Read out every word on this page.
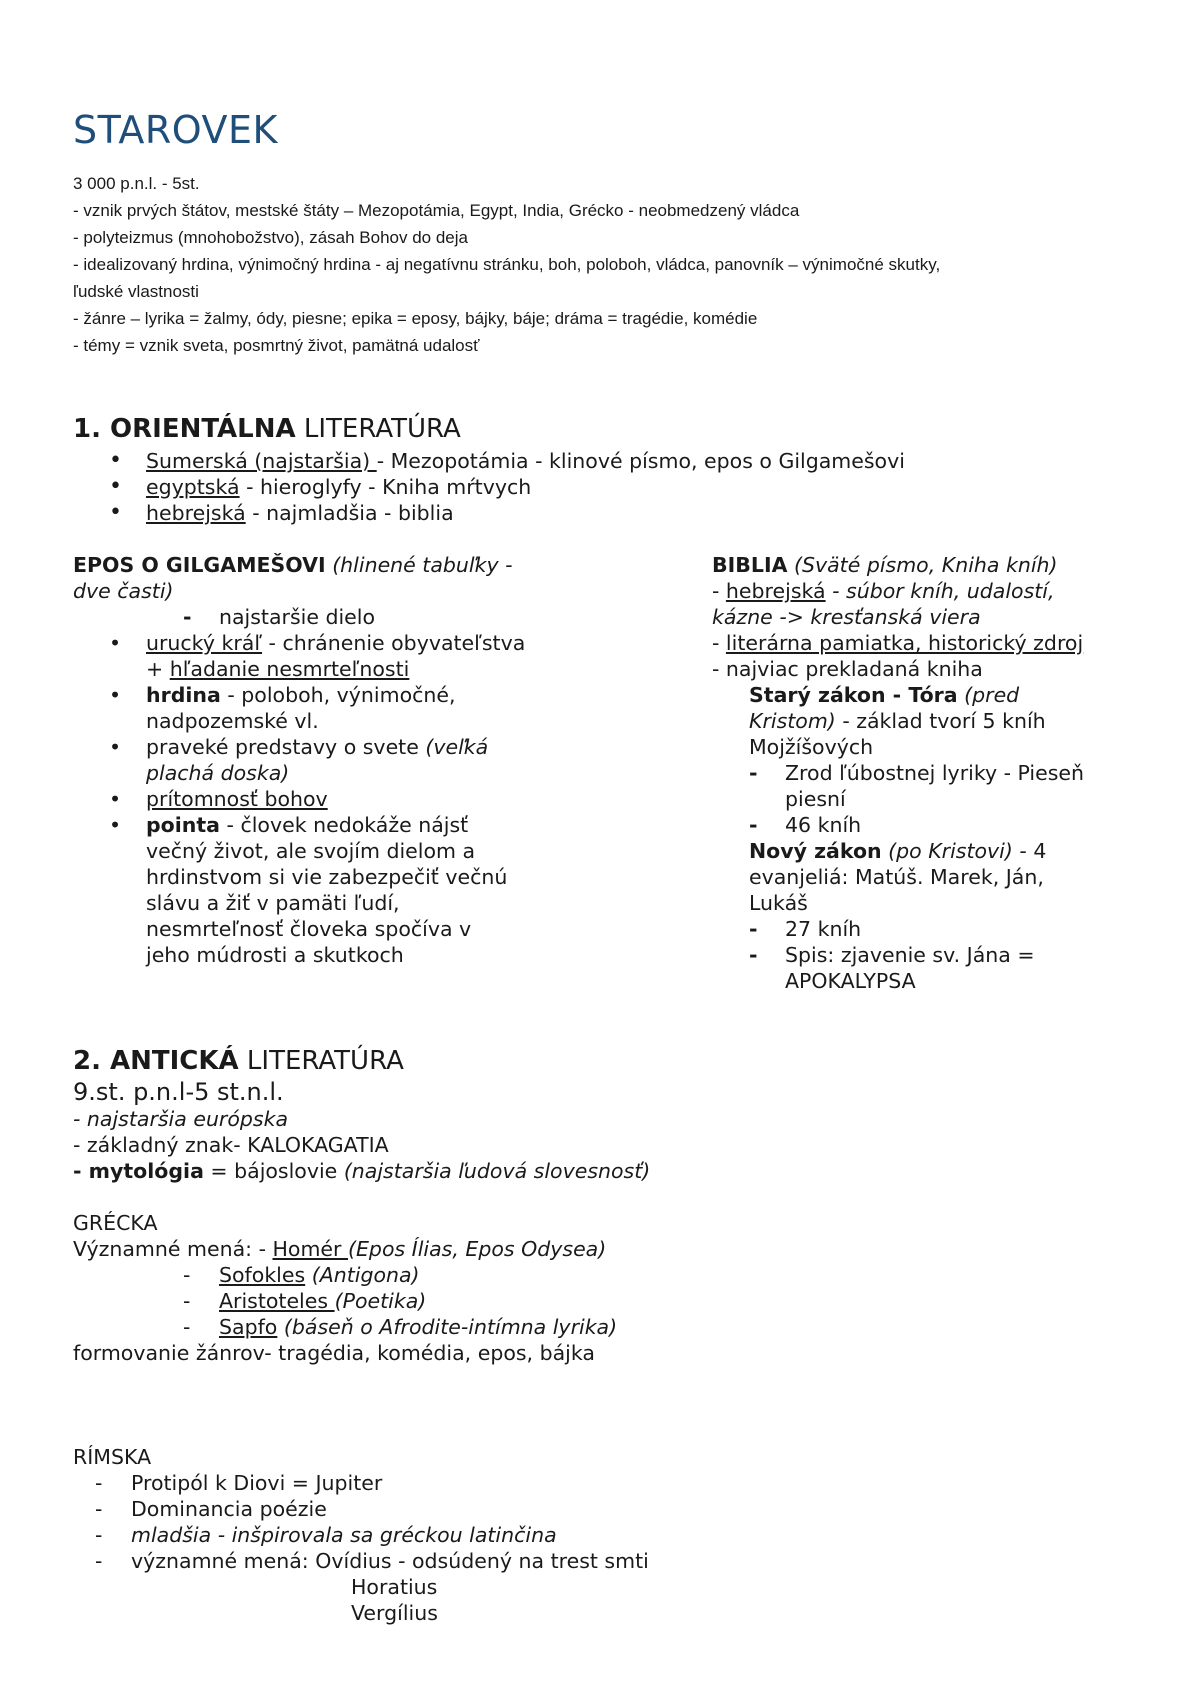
STAROVEK

3 000 p.n.l. - 5st.

- vznik prvých štátov, mestské štáty – Mezopotámia, Egypt, India, Grécko - neobmedzený vládca

- polyteizmus (mnohobožstvo), zásah Bohov do deja

- idealizovaný hrdina, výnimočný hrdina - aj negatívnu stránku, boh, poloboh, vládca, panovník – výnimočné skutky,

ľudské vlastnosti

- žánre – lyrika = žalmy, ódy, piesne; epika = eposy, bájky, báje; dráma = tragédie, komédie

- témy = vznik sveta, posmrtný život, pamätná udalosť

1. ORIENTÁLNA LITERATÚRA
• Sumerská (najstaršia) - Mezopotámia - klinové písmo, epos o Gilgamešovi
• egyptská - hieroglyfy - Kniha mŕtvych
• hebrejská - najmladšia - biblia
EPOS O GILGAMEŠOVI (hlinené tabuľky -
dve časti)
- najstaršie dielo
• urucký kráľ - chránenie obyvateľstva
+ hľadanie nesmrteľnosti
• hrdina - poloboh, výnimočné,
nadpozemské vl.
• praveké predstavy o svete (veľká
plachá doska)
• prítomnosť bohov
• pointa - človek nedokáže nájsť
večný život, ale svojím dielom a
hrdinstvom si vie zabezpečiť večnú
slávu a žiť v pamäti ľudí,
nesmrteľnosť človeka spočíva v
jeho múdrosti a skutkoch
BIBLIA (Sväté písmo, Kniha kníh)
- hebrejská - súbor kníh, udalostí,
kázne -> kresťanská viera
- literárna pamiatka, historický zdroj
- najviac prekladaná kniha
Starý zákon - Tóra (pred
Kristom) - základ tvorí 5 kníh
Mojžíšových
- Zrod ľúbostnej lyriky - Pieseň
piesní
- 46 kníh
Nový zákon (po Kristovi) - 4
evanjeliá: Matúš. Marek, Ján,
Lukáš
- 27 kníh
- Spis: zjavenie sv. Jána =
APOKALYPSA
2. ANTICKÁ LITERATÚRA
9.st. p.n.l-5 st.n.l.
- najstaršia európska
- základný znak- KALOKAGATIA
- mytológia = bájoslovie (najstaršia ľudová slovesnosť)
GRÉCKA
Významné mená: - Homér (Epos Ílias, Epos Odysea)
- Sofokles (Antigona)
- Aristoteles (Poetika)
- Sapfo (báseň o Afrodite-intímna lyrika)
formovanie žánrov- tragédia, komédia, epos, bájka
RÍMSKA
- Protipól k Diovi = Jupiter
- Dominancia poézie
- mladšia - inšpirovala sa gréckou latinčina
- významné mená: Ovídius - odsúdený na trest smti
Horatius
Vergílius
